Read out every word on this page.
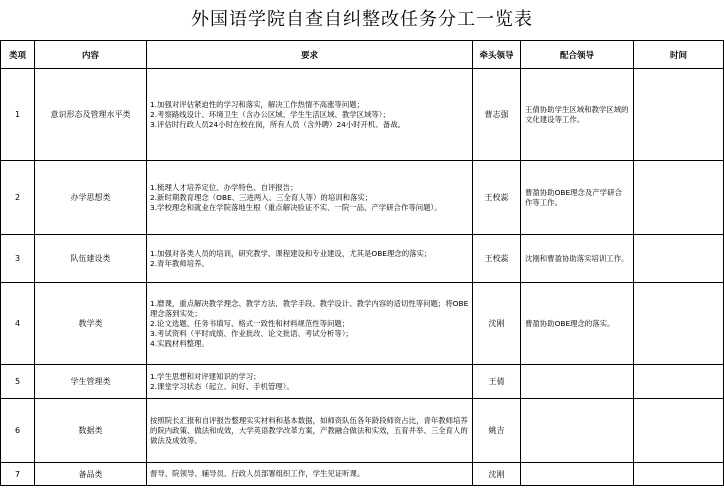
外国语学院自查自纠整改任务分工一览表
类项	内容	要求	牵头领导	配合领导	时间
1	意识形态及管理水平类	1.加强对评估紧迫性的学习和落实，解决工作热情不高涨等问题；
2.考察路线设计、环境卫生（含办公区域、学生生活区域、教学区域等）；
3.评估时行政人员24小时在校在岗，所有人员（含外聘）24小时开机、备战。	曹志强	王倩协助学生区域和教学区域的文化建设等工作。	
2	办学思想类	1.梳理人才培养定位、办学特色、自评报告；
2.新时期教育理念（OBE、三进两入、三全育人等）的培训和落实；
3.学校理念和就业在学院落地生根（重点解决验证不实、一院一品、产学研合作等问题）。	王校蕊	曹盈协助OBE理念及产学研合作等工作。	
3	队伍建设类	1.加强对各类人员的培训，研究教学、课程建设和专业建设，尤其是OBE理念的落实；
2.青年教师培养。	王校蕊	沈刚和曹盈协助落实培训工作。	
4	教学类	1.磨课，重点解决教学理念、教学方法、教学手段、教学设计、教学内容的适切性等问题；将OBE理念落到实处；
2.论文选题、任务书填写、格式一致性和材料规范性等问题；
3.考试资料（平时成绩、作业批改、论文批语、考试分析等）；
4.实践材料整理。	沈刚	曹盈协助OBE理念的落实。	
5	学生管理类	1.学生思想和对评建知识的学习；
2.课堂学习状态（起立、问好、手机管理）。	王倩		
6	数据类	按照院长汇报和自评报告整理实实材料和基本数据，如师资队伍各年龄段师资占比，青年教师培养的院内政策、做法和成效，大学英语教学改革方案，产教融合做法和实效，五育并举、三全育人的做法及成效等。	姚吉		
7	备品类	督导、院领导、辅导员、行政人员部署组织工作，学生见证听课。	沈刚		
